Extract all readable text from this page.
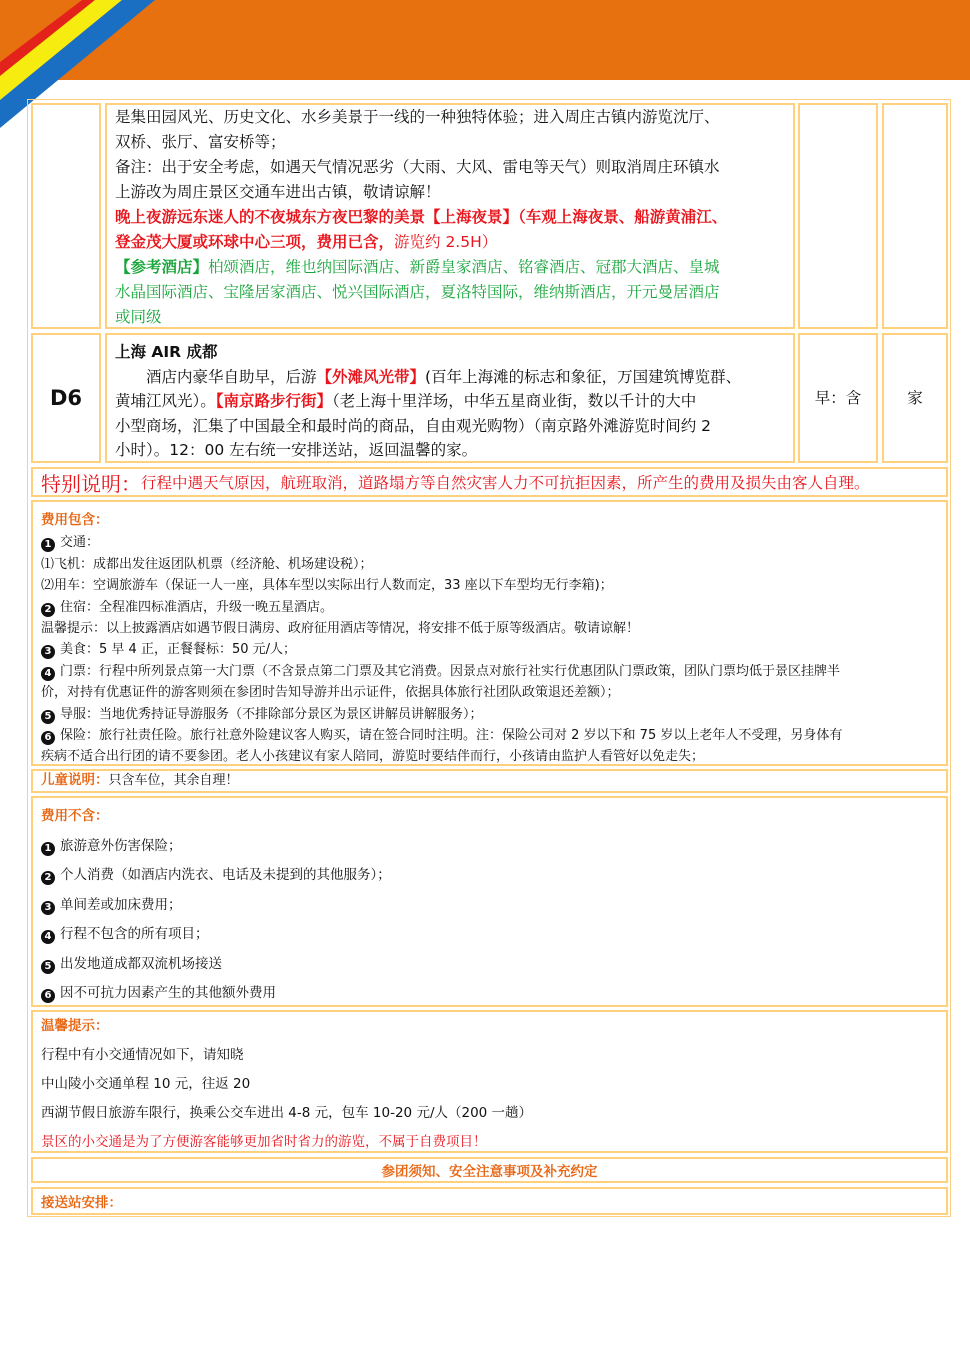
是集田园风光、历史文化、水乡美景于一线的一种独特体验；进入周庄古镇内游览沈厅、
双桥、张厅、富安桥等；
备注：出于安全考虑，如遇天气情况恶劣（大雨、大风、雷电等天气）则取消周庄环镇水
上游改为周庄景区交通车进出古镇，敬请谅解！
晚上夜游远东迷人的不夜城东方夜巴黎的美景【上海夜景】（车观上海夜景、船游黄浦江、
登金茂大厦或环球中心三项，费用已含，游览约 2.5H）
【参考酒店】柏颂酒店，维也纳国际酒店、新爵皇家酒店、铭睿酒店、冠郡大酒店、皇城
水晶国际酒店、宝隆居家酒店、悦兴国际酒店，夏洛特国际，维纳斯酒店，开元曼居酒店
或同级
D6
上海 AIR 成都
酒店内豪华自助早，后游【外滩风光带】(百年上海滩的标志和象征，万国建筑博览群、
黄埔江风光）。【南京路步行街】（老上海十里洋场，中华五星商业街，数以千计的大中
小型商场，汇集了中国最全和最时尚的商品，自由观光购物）（南京路外滩游览时间约 2
小时）。12：00 左右统一安排送站，返回温馨的家。
早：含	家
特别说明： 行程中遇天气原因，航班取消，道路塌方等自然灾害人力不可抗拒因素，所产生的费用及损失由客人自理。
费用包含：
1 交通：
⑴飞机：成都出发往返团队机票（经济舱、机场建设税）；
⑵用车：空调旅游车（保证一人一座，具体车型以实际出行人数而定，33 座以下车型均无行李箱)；
2 住宿：全程准四标准酒店，升级一晚五星酒店。
温馨提示：以上披露酒店如遇节假日满房、政府征用酒店等情况，将安排不低于原等级酒店。敬请谅解！
3 美食：5 早 4 正，正餐餐标：50 元/人；
4 门票：行程中所列景点第一大门票（不含景点第二门票及其它消费。因景点对旅行社实行优惠团队门票政策，团队门票均低于景区挂牌半
价，对持有优惠证件的游客则须在参团时告知导游并出示证件，依据具体旅行社团队政策退还差额）；
5 导服：当地优秀持证导游服务（不排除部分景区为景区讲解员讲解服务）；
6 保险：旅行社责任险。旅行社意外险建议客人购买，请在签合同时注明。注：保险公司对 2 岁以下和 75 岁以上老年人不受理，另身体有
疾病不适合出行团的请不要参团。老人小孩建议有家人陪同，游览时要结伴而行，小孩请由监护人看管好以免走失；
儿童说明： 只含车位，其余自理！
费用不含：
1 旅游意外伤害保险；
2 个人消费（如酒店内洗衣、电话及未提到的其他服务）；
3 单间差或加床费用；
4 行程不包含的所有项目；
5 出发地道成都双流机场接送
6 因不可抗力因素产生的其他额外费用
温馨提示：
行程中有小交通情况如下，请知晓
中山陵小交通单程 10 元，往返 20
西湖节假日旅游车限行，换乘公交车进出 4-8 元，包车 10-20 元/人（200 一趟）
景区的小交通是为了方便游客能够更加省时省力的游览，不属于自费项目！
参团须知、安全注意事项及补充约定
接送站安排：
